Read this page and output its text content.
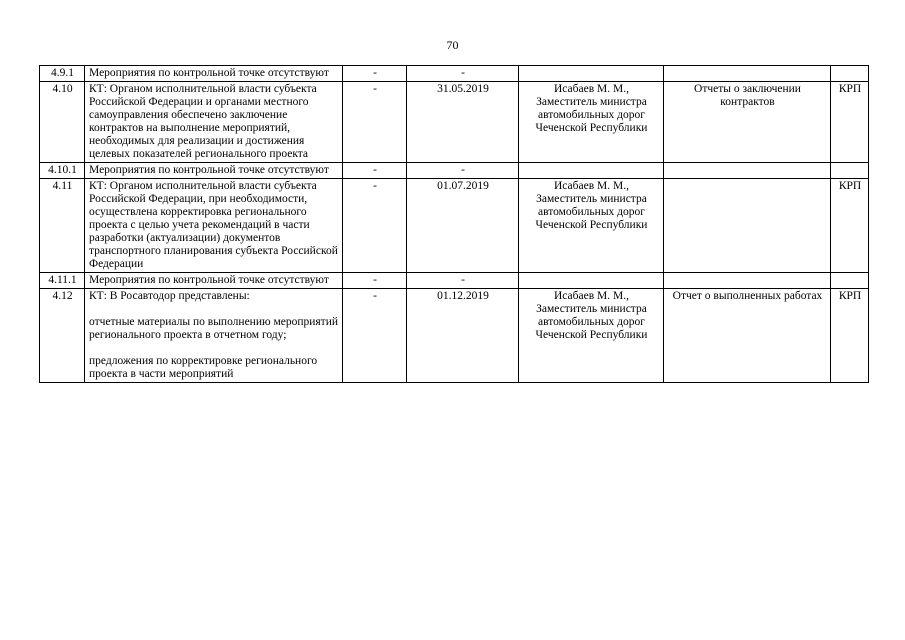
70
4.9.1	Мероприятия по контрольной точке отсутствуют	-	-			
4.10	КТ: Органом исполнительной власти субъекта Российской Федерации и органами местного самоуправления обеспечено заключение контрактов на выполнение мероприятий, необходимых для реализации и достижения целевых показателей регионального проекта	-	31.05.2019	Исабаев М. М., Заместитель министра автомобильных дорог Чеченской Республики	Отчеты о заключении контрактов	КРП
4.10.1	Мероприятия по контрольной точке отсутствуют	-	-			
4.11	КТ: Органом исполнительной власти субъекта Российской Федерации, при необходимости, осуществлена корректировка регионального проекта с целью учета рекомендаций в части разработки (актуализации) документов транспортного планирования субъекта Российской Федерации	-	01.07.2019	Исабаев М. М., Заместитель министра автомобильных дорог Чеченской Республики		КРП
4.11.1	Мероприятия по контрольной точке отсутствуют	-	-			
4.12	КТ: В Росавтодор представлены:
отчетные материалы по выполнению мероприятий регионального проекта в отчетном году;
предложения по корректировке регионального проекта в части мероприятий	-	01.12.2019	Исабаев М. М., Заместитель министра автомобильных дорог Чеченской Республики	Отчет о выполненных работах	КРП
